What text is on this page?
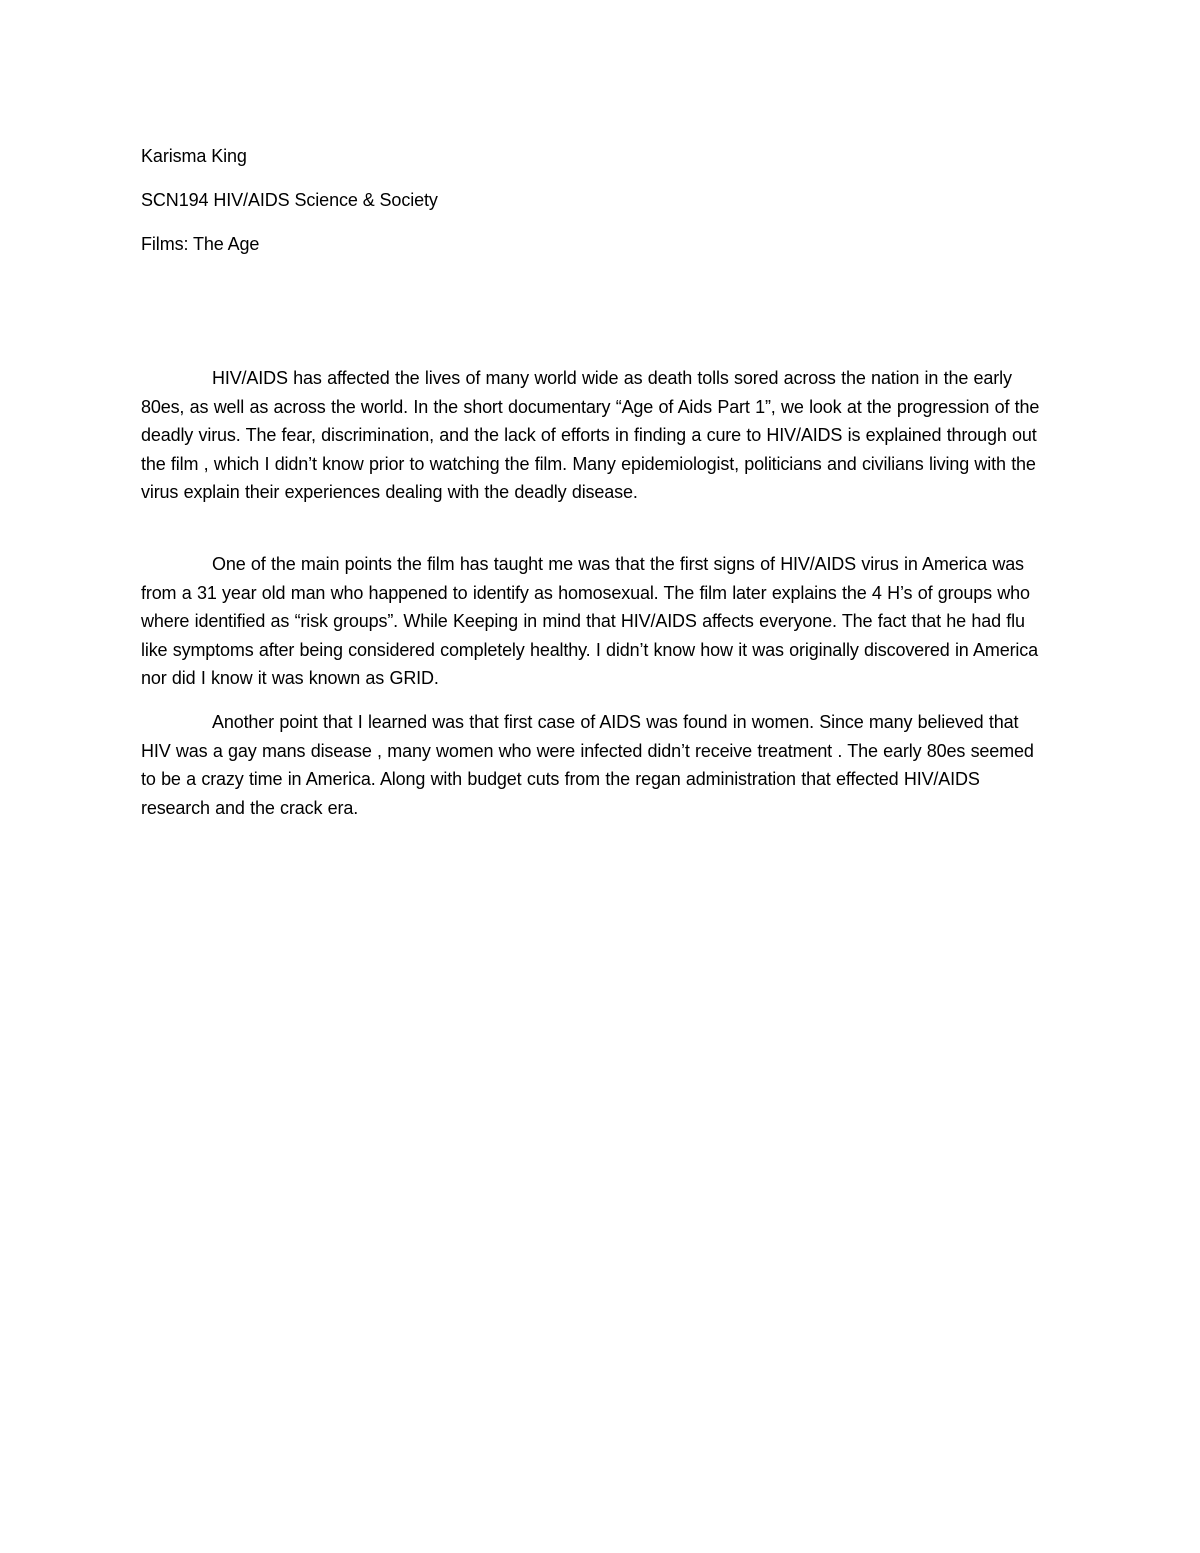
Karisma King
SCN194 HIV/AIDS Science & Society
Films: The Age

HIV/AIDS has affected the lives of many world wide as death tolls sored across the nation in the early 80es, as well as across the world. In the short documentary “Age of Aids Part 1”, we look at the progression of the deadly virus. The fear, discrimination, and the lack of efforts in finding a cure to HIV/AIDS is explained through out the film , which I didn’t know prior to watching the film. Many epidemiologist, politicians and civilians living with the virus explain their experiences dealing with the deadly disease.

One of the main points the film has taught me was that the first signs of HIV/AIDS virus in America was from a 31 year old man who happened to identify as homosexual. The film later explains the 4 H’s of groups who where identified as “risk groups”. While Keeping in mind that HIV/AIDS affects everyone. The fact that he had flu like symptoms after being considered completely healthy. I didn’t know how it was originally discovered in America nor did I know it was known as GRID.

Another point that I learned was that first case of AIDS was found in women. Since many believed that HIV was a gay mans disease , many women who were infected didn’t receive treatment . The early 80es seemed to be a crazy time in America. Along with budget cuts from the regan administration that effected HIV/AIDS research and the crack era.
